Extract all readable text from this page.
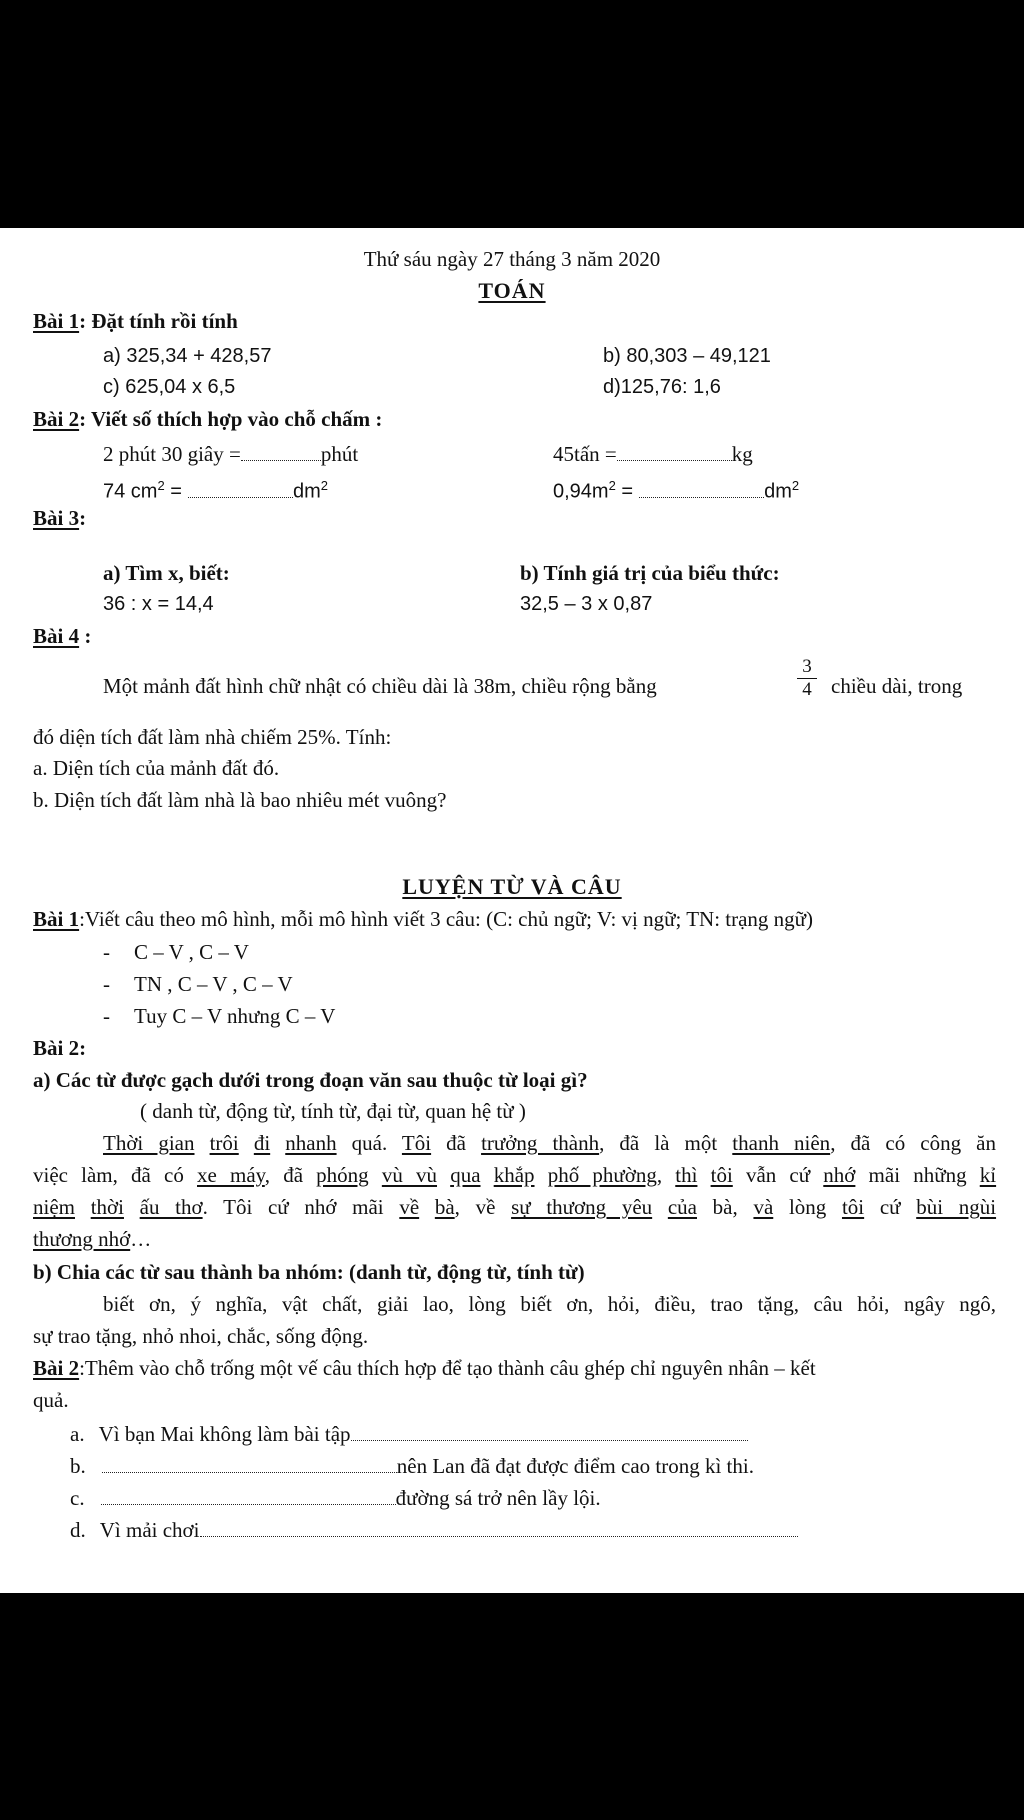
Thứ sáu ngày 27 tháng 3 năm 2020
TOÁN
Bài 1: Đặt tính rồi tính
a) 325,34 + 428,57	b) 80,303 – 49,121
c) 625,04 x 6,5	d)125,76: 1,6
Bài 2: Viết số thích hợp vào chỗ chấm :
2 phút 30 giây =	phút	45tấn =	kg
74 $cm^2$ =	$dm^2$	$0,94m^2$ =	$dm^2$
Bài 3:
a) Tìm x, biết:	b) Tính giá trị của biểu thức:
36 : x = 14,4	32,5 – 3 x 0,87
Bài 4 :
Một mảnh đất hình chữ nhật có chiều dài là 38m, chiều rộng bằng	$\frac{3}{4}$ chiều dài, trong
đó diện tích đất làm nhà chiếm 25%. Tính:
a. Diện tích của mảnh đất đó.
b. Diện tích đất làm nhà là bao nhiêu mét vuông?
LUYỆN TỪ VÀ CÂU
Bài 1:Viết câu theo mô hình, mỗi mô hình viết 3 câu: (C: chủ ngữ; V: vị ngữ; TN: trạng ngữ)
- C – V , C – V
- TN , C – V , C – V
- Tuy C – V nhưng C – V
Bài 2:
a) Các từ được gạch dưới trong đoạn văn sau thuộc từ loại gì?
( danh từ, động từ, tính từ, đại từ, quan hệ từ )
Thời gian trôi đi nhanh quá. Tôi đã trưởng thành, đã là một thanh niên, đã có công ăn
việc làm, đã có xe máy, đã phóng vù vù qua khắp phố phường, thì tôi vẫn cứ nhớ mãi những kỉ
niệm thời ấu thơ. Tôi cứ nhớ mãi về bà, về sự thương yêu của bà, và lòng tôi cứ bùi ngùi
thương nhớ…
b) Chia các từ sau thành ba nhóm: (danh từ, động từ, tính từ)
biết ơn, ý nghĩa, vật chất, giải lao, lòng biết ơn, hỏi, điều, trao tặng, câu hỏi, ngây ngô,
sự trao tặng, nhỏ nhoi, chắc, sống động.
Bài 2:Thêm vào chỗ trống một vế câu thích hợp để tạo thành câu ghép chỉ nguyên nhân – kết
quả.
a. Vì bạn Mai không làm bài tập
b.	nên Lan đã đạt được điểm cao trong kì thi.
c.	đường sá trở nên lầy lội.
d. Vì mải chơi
